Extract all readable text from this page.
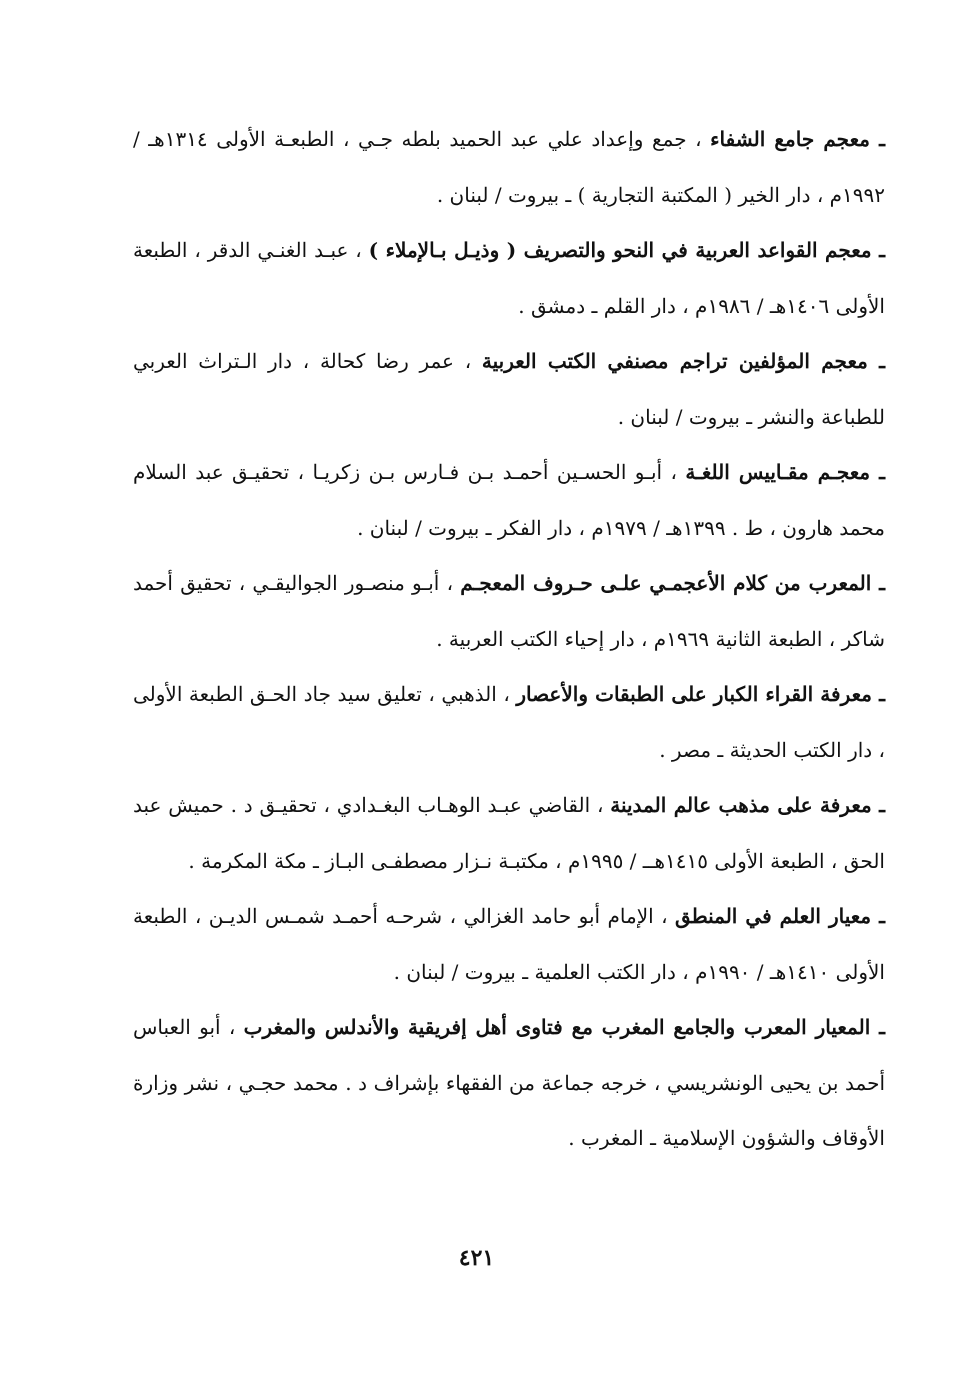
ـ معجم جامع الشفاء ، جمع وإعداد علي عبد الحميد بلطه جـي ، الطبعـة الأولى ١٣١٤هـ / ١٩٩٢م ، دار الخير ( المكتبة التجارية ) ـ بيروت / لبنان .

ـ معجم القواعد العربية في النحو والتصريف ( وذيـل بـالإملاء ) ، عبـد الغنـي الدقر ، الطبعة الأولى ١٤٠٦هـ / ١٩٨٦م ، دار القلم ـ دمشق .

ـ معجم المؤلفين تراجم مصنفي الكتب العربية ، عمر رضا كحالة ، دار الـتراث العربي للطباعة والنشر ـ بيروت / لبنان .

ـ معجـم مقـاييس اللغـة ، أبـو الحسـين أحمـد بـن فـارس بـن زكريـا ، تحقيـق عبد السلام محمد هارون ، ط . ١٣٩٩هـ / ١٩٧٩م ، دار الفكر ـ بيروت / لبنان .

ـ المعرب من كلام الأعجمـي علـى حـروف المعجـم ، أبـو منصـور الجواليقـي ، تحقيق أحمد شاكر ، الطبعة الثانية ١٩٦٩م ، دار إحياء الكتب العربية .

ـ معرفة القراء الكبار على الطبقات والأعصار ، الذهبي ، تعليق سيد جاد الحـق الطبعة الأولى ، دار الكتب الحديثة ـ مصر .

ـ معرفة على مذهب عالم المدينة ، القاضي عبـد الوهـاب البغـدادي ، تحقيـق د . حميش عبد الحق ، الطبعة الأولى ١٤١٥هــ / ١٩٩٥م ، مكتبـة نـزار مصطفـى البـاز ـ مكة المكرمة .

ـ معيار العلم في المنطق ، الإمام أبو حامد الغزالي ، شرحـه أحمـد شمـس الديـن ، الطبعة الأولى ١٤١٠هـ / ١٩٩٠م ، دار الكتب العلمية ـ بيروت / لبنان .

ـ المعيار المعرب والجامع المغرب مع فتاوى أهل إفريقية والأندلس والمغرب ، أبو العباس أحمد بن يحيى الونشريسي ، خرجه جماعة من الفقهاء بإشراف د . محمد حجـي ، نشر وزارة الأوقاف والشؤون الإسلامية ـ المغرب .

٤٢١
